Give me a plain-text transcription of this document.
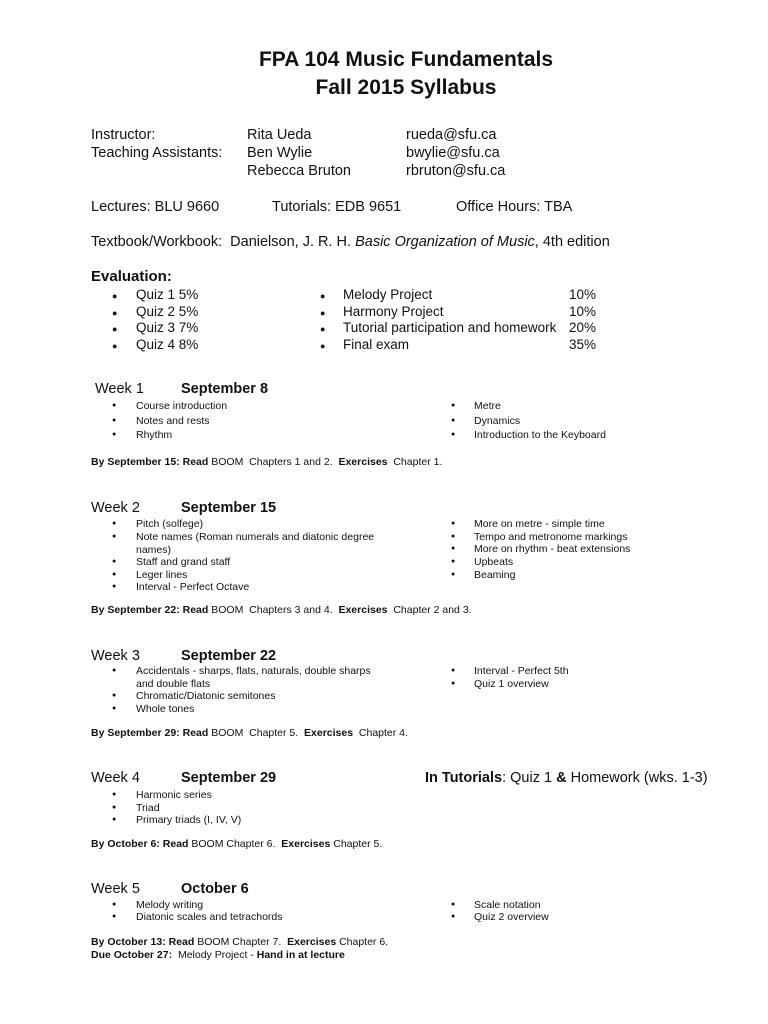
FPA 104 Music Fundamentals
Fall 2015 Syllabus
Instructor:	Rita Ueda	rueda@sfu.ca
Teaching Assistants: Ben Wylie	bwylie@sfu.ca
Rebecca Bruton	rbruton@sfu.ca
Lectures: BLU 9660	Tutorials: EDB 9651	Office Hours: TBA
Textbook/Workbook:  Danielson, J. R. H. Basic Organization of Music, 4th edition
Evaluation:
● Quiz 1 5%
● Quiz 2 5%
● Quiz 3 7%
● Quiz 4 8%
● Melody Project	10%
● Harmony Project	10%
● Tutorial participation and homework 20%
● Final exam	35%
Week 1	September 8
● Course introduction
● Notes and rests
● Rhythm
● Metre
● Dynamics
● Introduction to the Keyboard
By September 15: Read BOOM  Chapters 1 and 2.  Exercises  Chapter 1.
Week 2	September 15
● Pitch (solfege)
● Note names (Roman numerals and diatonic degree names)
● Staff and grand staff
● Leger lines
● Interval - Perfect Octave
● More on metre - simple time
● Tempo and metronome markings
● More on rhythm - beat extensions
● Upbeats
● Beaming
By September 22: Read BOOM  Chapters 3 and 4.  Exercises  Chapter 2 and 3.
Week 3	September 22
● Accidentals - sharps, flats, naturals, double sharps and double flats
● Chromatic/Diatonic semitones
● Whole tones
● Interval - Perfect 5th
● Quiz 1 overview
By September 29: Read BOOM  Chapter 5.  Exercises  Chapter 4.
Week 4	September 29	In Tutorials: Quiz 1 & Homework (wks. 1-3)
● Harmonic series
● Triad
● Primary triads (I, IV, V)
By October 6: Read BOOM Chapter 6.  Exercises Chapter 5.
Week 5	October 6
● Melody writing
● Diatonic scales and tetrachords
● Scale notation
● Quiz 2 overview
By October 13: Read BOOM Chapter 7.  Exercises Chapter 6.
Due October 27:  Melody Project - Hand in at lecture
